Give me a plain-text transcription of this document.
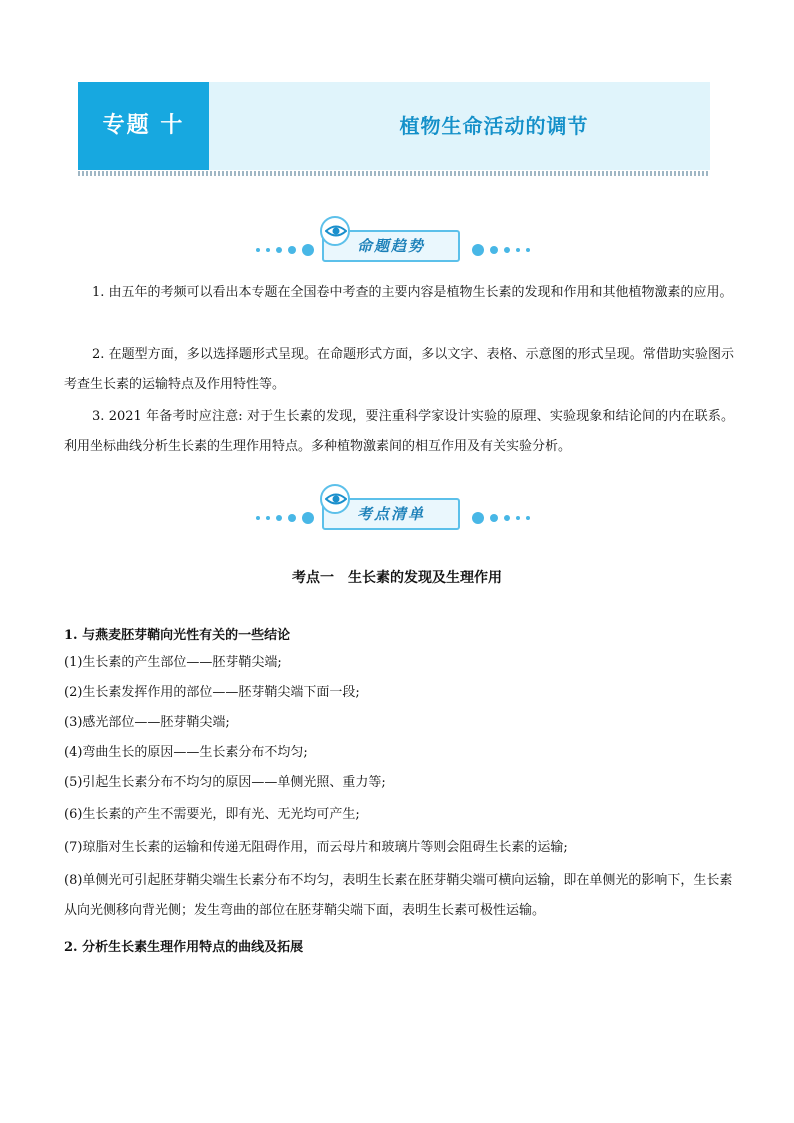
专题 十	植物生命活动的调节
命题趋势
1. 由五年的考频可以看出本专题在全国卷中考查的主要内容是植物生长素的发现和作用和其他植物激素的应用。
2. 在题型方面，多以选择题形式呈现。在命题形式方面，多以文字、表格、示意图的形式呈现。常借助实验图示考查生长素的运输特点及作用特性等。
3. 2021 年备考时应注意: 对于生长素的发现，要注重科学家设计实验的原理、实验现象和结论间的内在联系。利用坐标曲线分析生长素的生理作用特点。多种植物激素间的相互作用及有关实验分析。
考点清单
考点一　生长素的发现及生理作用
1. 与燕麦胚芽鞘向光性有关的一些结论
(1)生长素的产生部位——胚芽鞘尖端;
(2)生长素发挥作用的部位——胚芽鞘尖端下面一段;
(3)感光部位——胚芽鞘尖端;
(4)弯曲生长的原因——生长素分布不均匀;
(5)引起生长素分布不均匀的原因——单侧光照、重力等;
(6)生长素的产生不需要光，即有光、无光均可产生;
(7)琼脂对生长素的运输和传递无阻碍作用，而云母片和玻璃片等则会阻碍生长素的运输;
(8)单侧光可引起胚芽鞘尖端生长素分布不均匀，表明生长素在胚芽鞘尖端可横向运输，即在单侧光的影响下，生长素从向光侧移向背光侧；发生弯曲的部位在胚芽鞘尖端下面，表明生长素可极性运输。
2. 分析生长素生理作用特点的曲线及拓展
